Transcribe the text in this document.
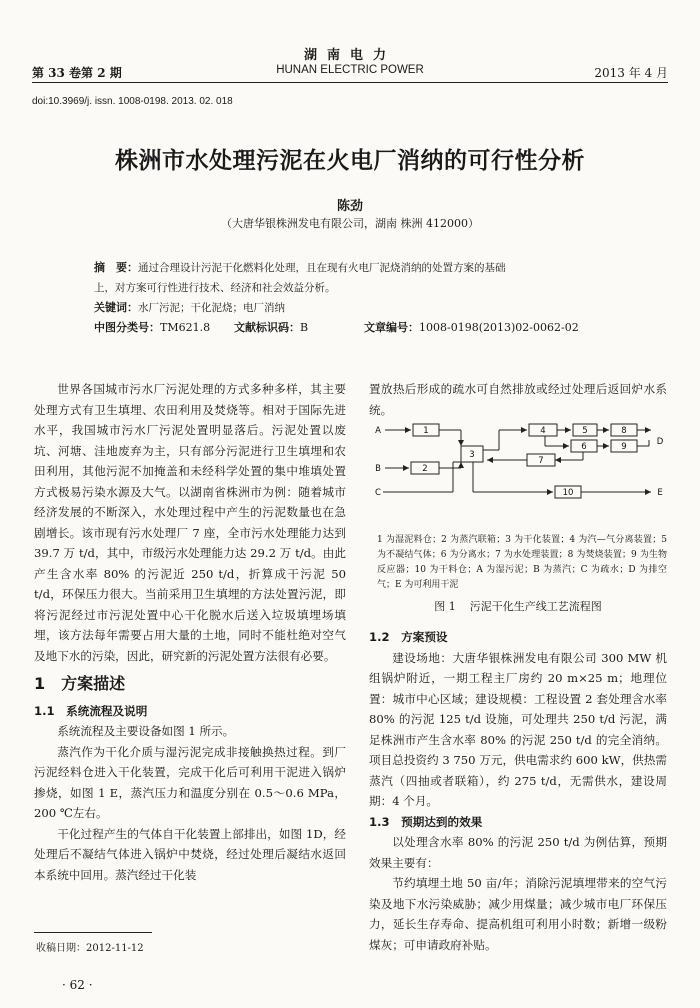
湖南电力
第 33 卷第 2 期	HUNAN ELECTRIC POWER	2013 年 4 月
doi:10.3969/j. issn. 1008-0198. 2013. 02. 018
株洲市水处理污泥在火电厂消纳的可行性分析
陈劲
（大唐华银株洲发电有限公司，湖南 株洲 412000）
摘　要：通过合理设计污泥干化燃料化处理，且在现有火电厂泥烧消纳的处置方案的基础
上，对方案可行性进行技术、经济和社会效益分析。
关键词：水厂污泥；干化泥烧；电厂消纳
中图分类号：TM621.8 文献标识码：B	文章编号：1008-0198(2013)02-0062-02

世界各国城市污水厂污泥处理的方式多种多样，其主要处理方式有卫生填埋、农田利用及焚烧等。相对于国际先进水平，我国城市污水厂污泥处置明显落后。污泥处置以废坑、河塘、洼地废弃为主，只有部分污泥进行卫生填埋和农田利用，其他污泥不加掩盖和未经科学处置的集中堆填处置方式极易污染水源及大气。以湖南省株洲市为例：随着城市经济发展的不断深入，水处理过程中产生的污泥数量也在急剧增长。该市现有污水处理厂 7 座，全市污水处理能力达到 39.7 万 t/d，其中，市级污水处理能力达 29.2 万 t/d。由此产生含水率 80% 的污泥近 250 t/d，折算成干污泥 50 t/d，环保压力很大。当前采用卫生填埋的方法处置污泥，即将污泥经过市污泥处置中心干化脱水后送入垃圾填埋场填埋，该方法每年需要占用大量的土地，同时不能杜绝对空气及地下水的污染，因此，研究新的污泥处置方法很有必要。

1　方案描述
1.1　系统流程及说明

系统流程及主要设备如图 1 所示。

蒸汽作为干化介质与湿污泥完成非接触换热过程。到厂污泥经料仓进入干化装置，完成干化后可利用干泥进入锅炉掺烧，如图 1 E，蒸汽压力和温度分别在 0.5～0.6 MPa，200 ℃左右。

干化过程产生的气体自干化装置上部排出，如图 1D，经处理后不凝结气体进入锅炉中焚烧，经过处理后凝结水返回本系统中回用。蒸汽经过干化装

置放热后形成的疏水可自然排放或经过处理后返回炉水系统。

A
B
C
D
E
1
2
3
4	5
6
7
8
9
10
1 为湿泥料仓；2 为蒸汽联箱；3 为干化装置；4 为汽—气分离装置；5 为不凝结气体；6 为分离水；7 为水处理装置；8 为焚烧装置；9 为生物反应器；10 为干料仓；A 为湿污泥；B 为蒸汽；C 为疏水；D 为排空气；E 为可利用干泥
图 1 污泥干化生产线工艺流程图
1.2　方案预设

建设场地：大唐华银株洲发电有限公司 300 MW 机组锅炉附近，一期工程主厂房约 20 m×25 m；地理位置：城市中心区域；建设规模：工程设置 2 套处理含水率 80% 的污泥 125 t/d 设施，可处理共 250 t/d 污泥，满足株洲市产生含水率 80% 的污泥 250 t/d 的完全消纳。项目总投资约 3 750 万元，供电需求约 600 kW，供热需蒸汽（四抽或者联箱），约 275 t/d，无需供水，建设周期：4 个月。

1.3　预期达到的效果

以处理含水率 80% 的污泥 250 t/d 为例估算，预期效果主要有：

节约填埋土地 50 亩/年；消除污泥填埋带来的空气污染及地下水污染威胁；减少用煤量；减少城市电厂环保压力，延长生存寿命、提高机组可利用小时数；新增一级粉煤灰；可申请政府补贴。

收稿日期：2012-11-12
· 62 ·
